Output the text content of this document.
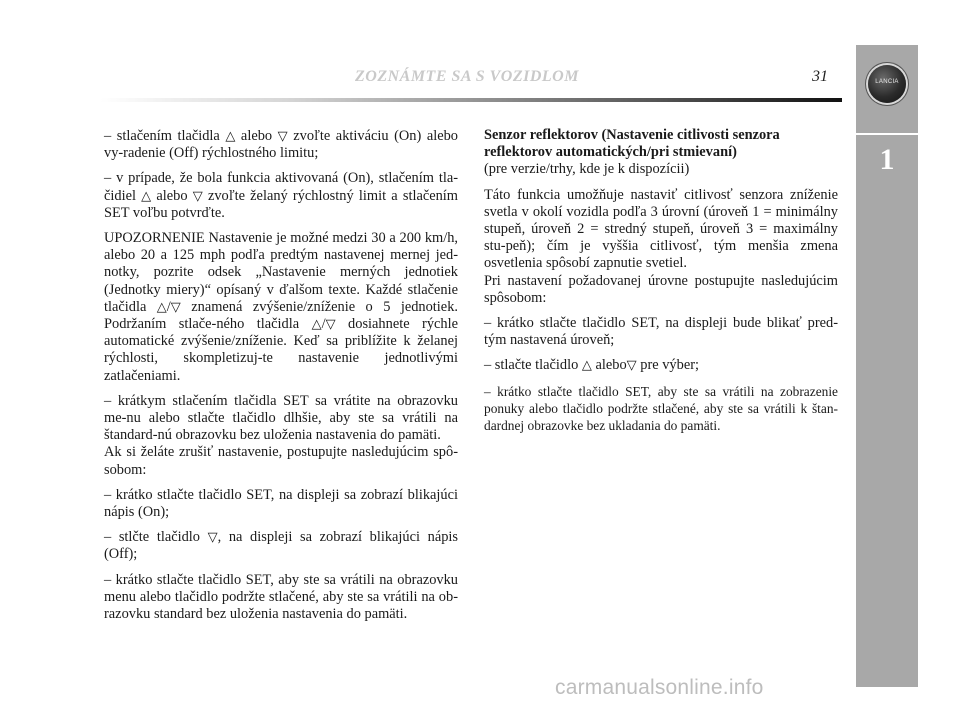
ZOZNÁMTE SA S VOZIDLOM	31	LANCIA
1

– stlačením tlačidla △ alebo ▽ zvoľte aktiváciu (On) alebo vy-radenie (Off) rýchlostného limitu;

– v prípade, že bola funkcia aktivovaná (On), stlačením tla-čidiel △ alebo ▽ zvoľte želaný rýchlostný limit a stlačením SET voľbu potvrďte.

UPOZORNENIE Nastavenie je možné medzi 30 a 200 km/h, alebo 20 a 125 mph podľa predtým nastavenej mernej jed-notky, pozrite odsek „Nastavenie merných jednotiek (Jednotky miery)“ opísaný v ďalšom texte. Každé stlačenie tlačidla △/▽ znamená zvýšenie/zníženie o 5 jednotiek. Podržaním stlače-ného tlačidla △/▽ dosiahnete rýchle automatické zvýšenie/zníženie. Keď sa priblížite k želanej rýchlosti, skompletizuj-te nastavenie jednotlivými zatlačeniami.

– krátkym stlačením tlačidla SET sa vrátite na obrazovku me-nu alebo stlačte tlačidlo dlhšie, aby ste sa vrátili na štandard-nú obrazovku bez uloženia nastavenia do pamäti.

Ak si želáte zrušiť nastavenie, postupujte nasledujúcim spô-sobom:

– krátko stlačte tlačidlo SET, na displeji sa zobrazí blikajúci nápis (On);

– stlčte tlačidlo ▽, na displeji sa zobrazí blikajúci nápis (Off);

– krátko stlačte tlačidlo SET, aby ste sa vrátili na obrazovku menu alebo tlačidlo podržte stlačené, aby ste sa vrátili na ob-razovku standard bez uloženia nastavenia do pamäti.

Senzor reflektorov (Nastavenie citlivosti senzora reflektorov automatických/pri stmievaní)

(pre verzie/trhy, kde je k dispozícii)

Táto funkcia umožňuje nastaviť citlivosť senzora zníženie svetla v okolí vozidla podľa 3 úrovní (úroveň 1 = minimálny stupeň, úroveň 2 = stredný stupeň, úroveň 3 = maximálny stu-peň); čím je vyššia citlivosť, tým menšia zmena osvetlenia spôsobí zapnutie svetiel.

Pri nastavení požadovanej úrovne postupujte nasledujúcim spôsobom:

– krátko stlačte tlačidlo SET, na displeji bude blikať pred-tým nastavená úroveň;

– stlačte tlačidlo △ alebo▽ pre výber;

– krátko stlačte tlačidlo SET, aby ste sa vrátili na zobrazenie ponuky alebo tlačidlo podržte stlačené, aby ste sa vrátili k štan-dardnej obrazovke bez ukladania do pamäti.

carmanualsonline.info
